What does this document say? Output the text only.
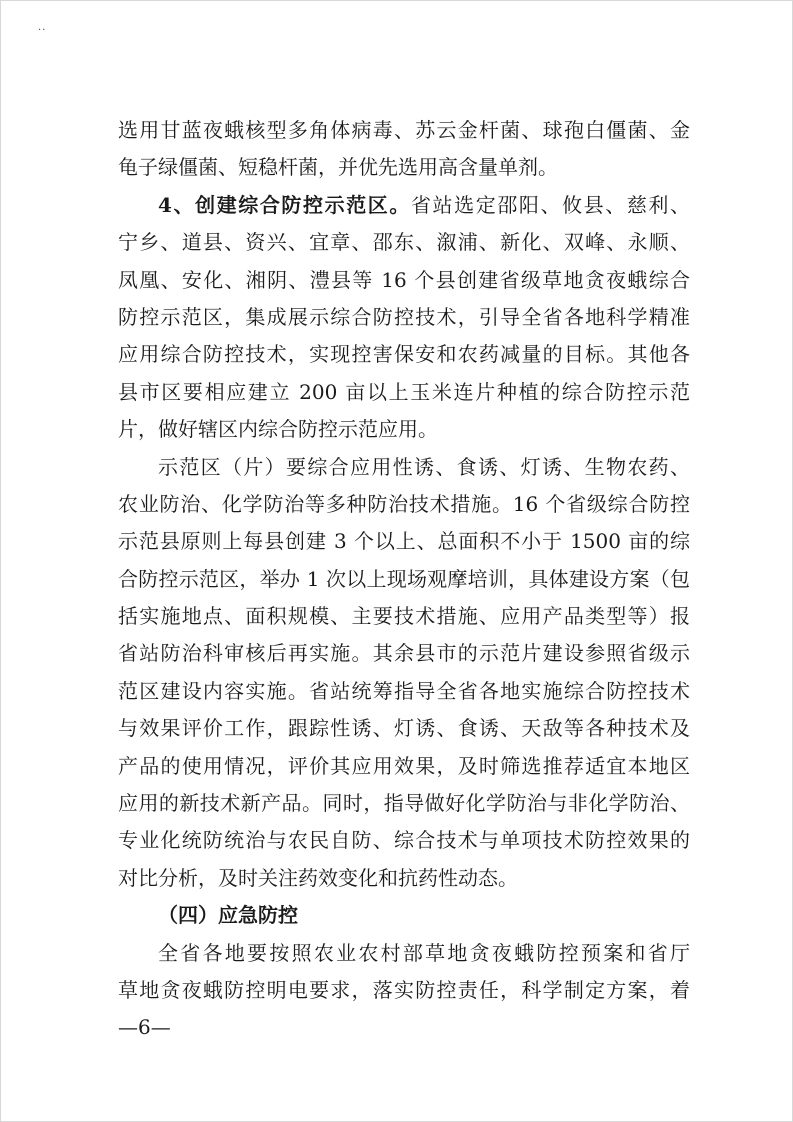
..
选用甘蓝夜蛾核型多角体病毒、苏云金杆菌、球孢白僵菌、金
龟子绿僵菌、短稳杆菌，并优先选用高含量单剂。
4、创建综合防控示范区。省站选定邵阳、攸县、慈利、
宁乡、道县、资兴、宜章、邵东、溆浦、新化、双峰、永顺、
凤凰、安化、湘阴、澧县等 16 个县创建省级草地贪夜蛾综合
防控示范区，集成展示综合防控技术，引导全省各地科学精准
应用综合防控技术，实现控害保安和农药减量的目标。其他各
县市区要相应建立 200 亩以上玉米连片种植的综合防控示范
片，做好辖区内综合防控示范应用。
示范区（片）要综合应用性诱、食诱、灯诱、生物农药、
农业防治、化学防治等多种防治技术措施。16 个省级综合防控
示范县原则上每县创建 3 个以上、总面积不小于 1500 亩的综
合防控示范区，举办 1 次以上现场观摩培训，具体建设方案（包
括实施地点、面积规模、主要技术措施、应用产品类型等）报
省站防治科审核后再实施。其余县市的示范片建设参照省级示
范区建设内容实施。省站统筹指导全省各地实施综合防控技术
与效果评价工作，跟踪性诱、灯诱、食诱、天敌等各种技术及
产品的使用情况，评价其应用效果，及时筛选推荐适宜本地区
应用的新技术新产品。同时，指导做好化学防治与非化学防治、
专业化统防统治与农民自防、综合技术与单项技术防控效果的
对比分析，及时关注药效变化和抗药性动态。
（四）应急防控
全省各地要按照农业农村部草地贪夜蛾防控预案和省厅
草地贪夜蛾防控明电要求，落实防控责任，科学制定方案，着
—6—
